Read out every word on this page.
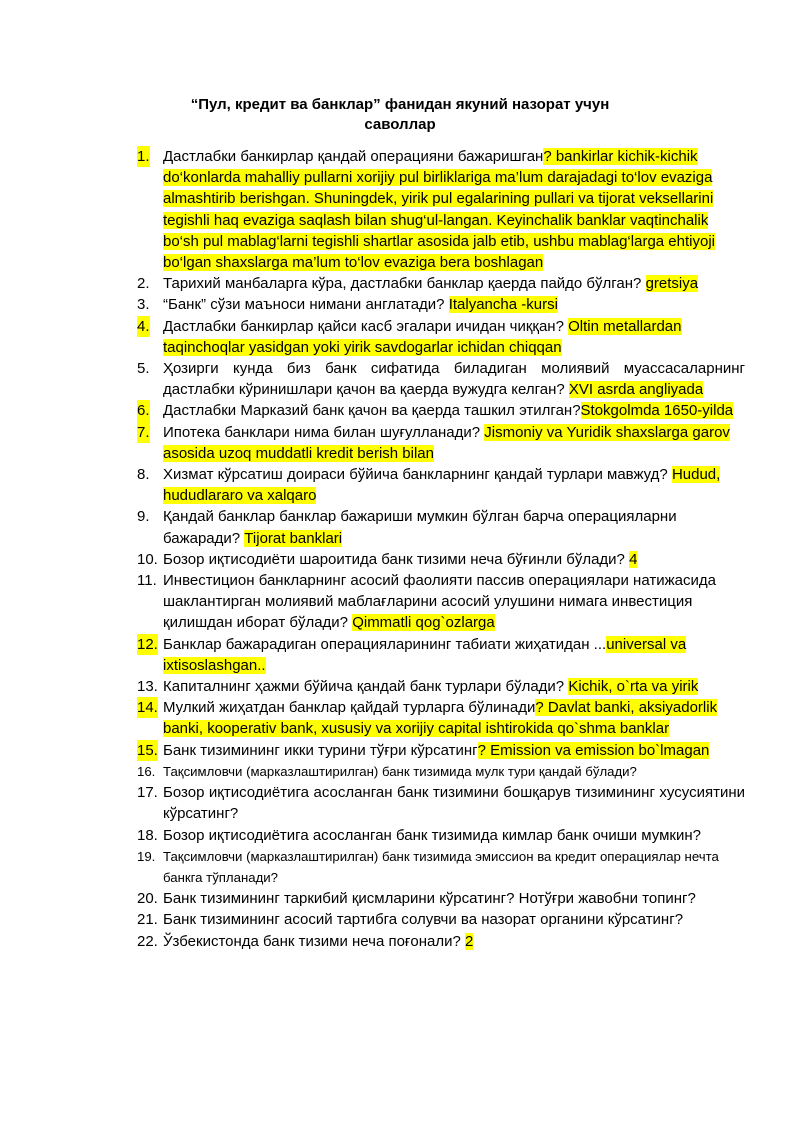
“Пул, кредит ва банклар” фанидан якуний назорат учун
саволлар
1. Дастлабки банкирлар қандай операцияни бажаришган? bankirlar kichik-kichik do‘konlarda mahalliy pullarni xorijiy pul birliklariga ma’lum darajadagi to‘lov evaziga almashtirib berishgan. Shuningdek, yirik pul egalarining pullari va tijorat veksellarini tegishli haq evaziga saqlash bilan shug‘ul-langan. Keyinchalik banklar vaqtinchalik bo‘sh pul mablag‘larni tegishli shartlar asosida jalb etib, ushbu mablag‘larga ehtiyoji bo‘lgan shaxslarga ma’lum to‘lov evaziga bera boshlagan
2. Тарихий манбаларга кўра, дастлабки банклар қаерда пайдо бўлган? gretsiya
3. “Банк” сўзи маъноси нимани англатади? Italyancha -kursi
4. Дастлабки банкирлар қайси касб эгалари ичидан чиққан? Oltin metallardan taqinchoqlar yasidgan yoki yirik savdogarlar ichidan chiqqan
5. Ҳозирги кунда биз банк сифатида биладиган молиявий муассасаларнинг дастлабки кўринишлари қачон ва қаерда вужудга келган? XVI asrda angliyada
6. Дастлабки Марказий банк қачон ва қаерда ташкил этилган?Stokgolmda 1650-yilda
7. Ипотека банклари нима билан шуғулланади? Jismoniy va Yuridik shaxslarga garov asosida uzoq muddatli kredit berish bilan
8. Хизмат кўрсатиш доираси бўйича банкларнинг қандай турлари мавжуд? Hudud, hududlararo va xalqaro
9. Қандай банклар банклар бажариши мумкин бўлган барча операцияларни бажаради? Tijorat banklari
10. Бозор иқтисодиёти шароитида банк тизими неча бўғинли бўлади? 4
11. Инвестицион банкларнинг асосий фаолияти пассив операциялари натижасида шаклантирган молиявий маблағларини асосий улушини нимага инвестиция қилишдан иборат бўлади? Qimmatli qog`ozlarga
12. Банклар бажарадиган операцияларининг табиати жиҳатидан ...universal va ixtisoslashgan..
13. Капиталнинг ҳажми бўйича қандай банк турлари бўлади? Kichik, o`rta va yirik
14. Мулкий жиҳатдан банклар қайдай турларга бўлинади? Davlat banki, aksiyadorlik banki, kooperativ bank, xususiy va xorijiy capital ishtirokida qo`shma banklar
15. Банк тизимининг икки турини тўғри кўрсатинг? Emission va emission bo`lmagan
16. Тақсимловчи (марказлаштирилган) банк тизимида мулк тури қандай бўлади?
17. Бозор иқтисодиётига асосланган банк тизимини бошқарув тизимининг хусусиятини кўрсатинг?
18. Бозор иқтисодиётига асосланган банк тизимида кимлар банк очиши мумкин?
19. Тақсимловчи (марказлаштирилган) банк тизимида эмиссион ва кредит операциялар нечта банкга тўпланади?
20. Банк тизимининг таркибий қисмларини кўрсатинг? Нотўғри жавобни топинг?
21. Банк тизимининг асосий тартибга солувчи ва назорат органини кўрсатинг?
22. Ўзбекистонда банк тизими неча поғонали? 2
